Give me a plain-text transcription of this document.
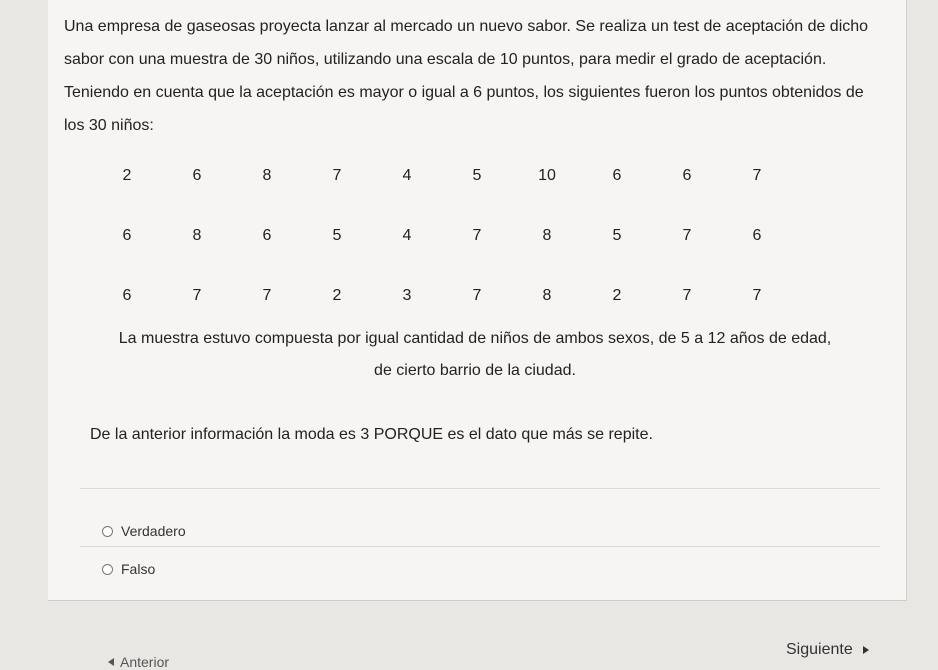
Una empresa de gaseosas proyecta lanzar al mercado un nuevo sabor. Se realiza un test de aceptación de dicho sabor con una muestra de 30 niños, utilizando una escala de 10 puntos, para medir el grado de aceptación. Teniendo en cuenta que la aceptación es mayor o igual a 6 puntos, los siguientes fueron los puntos obtenidos de los 30 niños:

2	6	8	7	4	5	10	6	6	7
6	8	6	5	4	7	8	5	7	6
6	7	7	2	3	7	8	2	7	7

La muestra estuvo compuesta por igual cantidad de niños de ambos sexos, de 5 a 12 años de edad,
de cierto barrio de la ciudad.

De la anterior información la moda es 3 PORQUE es el dato que más se repite.

Verdadero
Falso
Anterior
Siguiente
